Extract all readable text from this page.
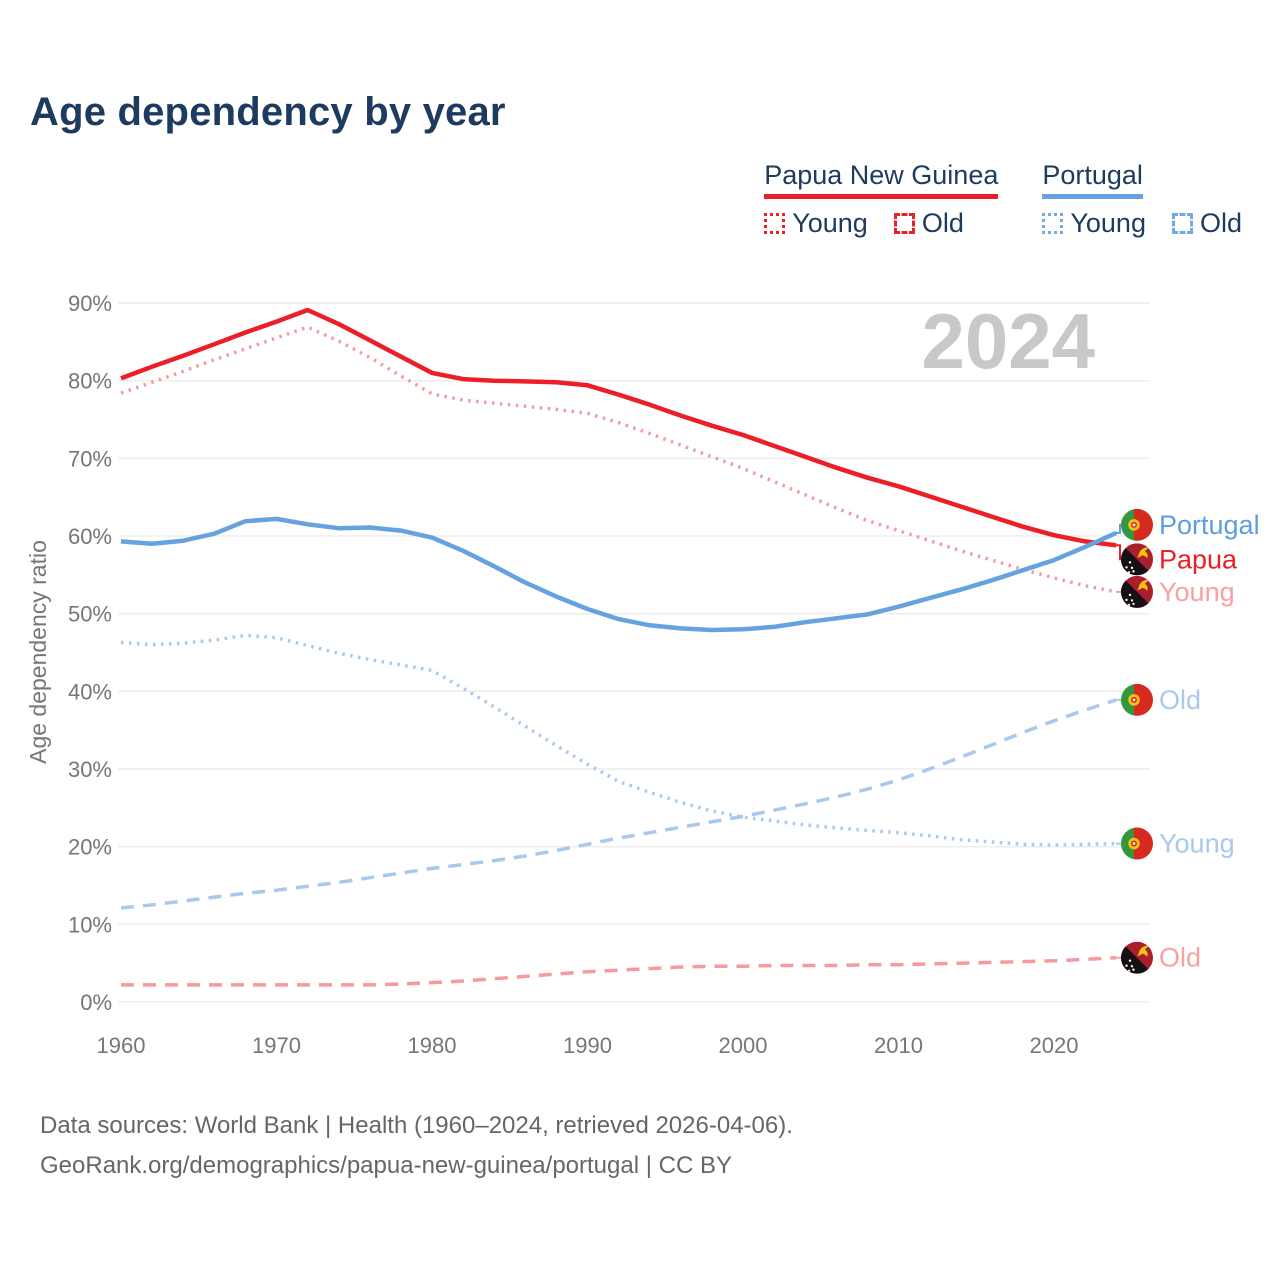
2024
0%
10%
20%
30%
40%
50%
60%
70%
80%
90%
1960	1970	1980	1990	2000	2010	2020
Age dependency ratio
Portugal
Papua
Young
Old
Young
Old
Age dependency by year
Papua New Guinea
Young Old
Portugal
Young Old
Data sources: World Bank | Health (1960–2024, retrieved 2026-04-06).
GeoRank.org/demographics/papua-new-guinea/portugal | CC BY
